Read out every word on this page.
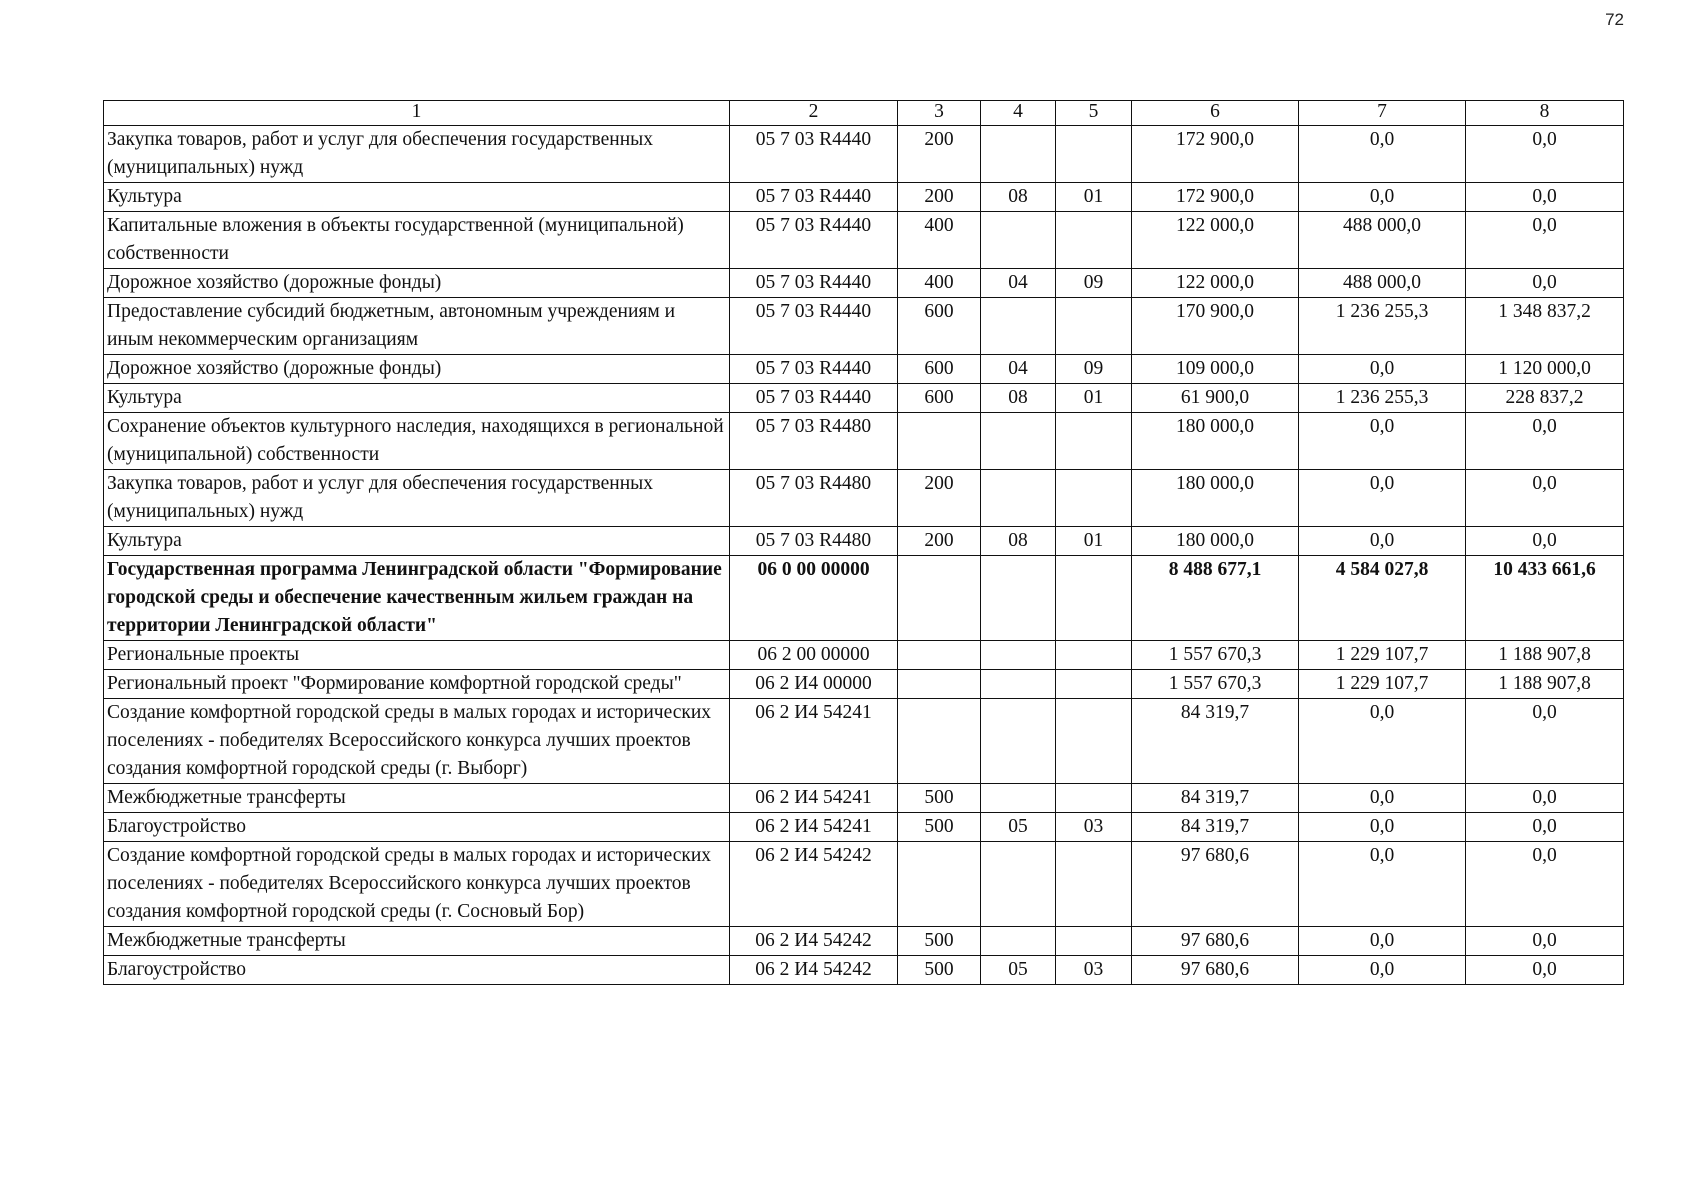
72
1	2	3	4	5	6	7	8
Закупка товаров, работ и услуг для обеспечения государственных (муниципальных) нужд	05 7 03 R4440	200			172 900,0	0,0	0,0
Культура	05 7 03 R4440	200	08	01	172 900,0	0,0	0,0
Капитальные вложения в объекты государственной (муниципальной) собственности	05 7 03 R4440	400			122 000,0	488 000,0	0,0
Дорожное хозяйство (дорожные фонды)	05 7 03 R4440	400	04	09	122 000,0	488 000,0	0,0
Предоставление субсидий бюджетным, автономным учреждениям и иным некоммерческим организациям	05 7 03 R4440	600			170 900,0	1 236 255,3	1 348 837,2
Дорожное хозяйство (дорожные фонды)	05 7 03 R4440	600	04	09	109 000,0	0,0	1 120 000,0
Культура	05 7 03 R4440	600	08	01	61 900,0	1 236 255,3	228 837,2
Сохранение объектов культурного наследия, находящихся в региональной (муниципальной) собственности	05 7 03 R4480				180 000,0	0,0	0,0
Закупка товаров, работ и услуг для обеспечения государственных (муниципальных) нужд	05 7 03 R4480	200			180 000,0	0,0	0,0
Культура	05 7 03 R4480	200	08	01	180 000,0	0,0	0,0
Государственная программа Ленинградской области "Формирование городской среды и обеспечение качественным жильем граждан на территории Ленинградской области"	06 0 00 00000				8 488 677,1	4 584 027,8	10 433 661,6
Региональные проекты	06 2 00 00000				1 557 670,3	1 229 107,7	1 188 907,8
Региональный проект "Формирование комфортной городской среды"	06 2 И4 00000				1 557 670,3	1 229 107,7	1 188 907,8
Создание комфортной городской среды в малых городах и исторических поселениях - победителях Всероссийского конкурса лучших проектов создания комфортной городской среды (г. Выборг)	06 2 И4 54241				84 319,7	0,0	0,0
Межбюджетные трансферты	06 2 И4 54241	500			84 319,7	0,0	0,0
Благоустройство	06 2 И4 54241	500	05	03	84 319,7	0,0	0,0
Создание комфортной городской среды в малых городах и исторических поселениях - победителях Всероссийского конкурса лучших проектов создания комфортной городской среды (г. Сосновый Бор)	06 2 И4 54242				97 680,6	0,0	0,0
Межбюджетные трансферты	06 2 И4 54242	500			97 680,6	0,0	0,0
Благоустройство	06 2 И4 54242	500	05	03	97 680,6	0,0	0,0
